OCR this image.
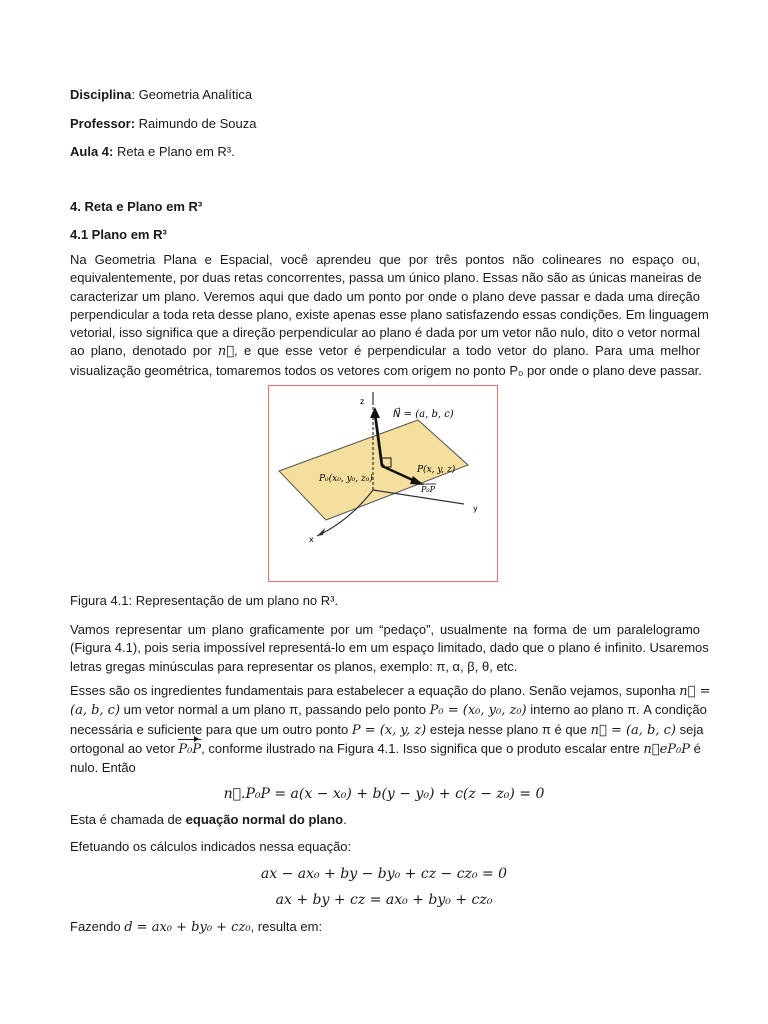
Disciplina: Geometria Analítica

Professor: Raimundo de Souza

Aula 4: Reta e Plano em R³.

4. Reta e Plano em R³

4.1 Plano em R³

Na Geometria Plana e Espacial, você aprendeu que por três pontos não colineares no espaço ou,
equivalentemente, por duas retas concorrentes, passa um único plano. Essas não são as únicas maneiras de
caracterizar um plano. Veremos aqui que dado um ponto por onde o plano deve passar e dada uma direção
perpendicular a toda reta desse plano, existe apenas esse plano satisfazendo essas condições. Em linguagem
vetorial, isso significa que a direção perpendicular ao plano é dada por um vetor não nulo, dito o vetor normal
ao plano, denotado por n⃗, e que esse vetor é perpendicular a todo vetor do plano. Para uma melhor
visualização geométrica, tomaremos todos os vetores com origem no ponto P₀ por onde o plano deve passar.
z
y
x
N⃗ = (a, b, c)
P(x, y, z)
P₀(x₀, y₀, z₀)
P₀P

Figura 4.1: Representação de um plano no R³.

Vamos representar um plano graficamente por um “pedaço”, usualmente na forma de um paralelogramo
(Figura 4.1), pois seria impossível representá-lo em um espaço limitado, dado que o plano é infinito. Usaremos
letras gregas minúsculas para representar os planos, exemplo: π, α, β, θ, etc.
Esses são os ingredientes fundamentais para estabelecer a equação do plano. Senão vejamos, suponha n⃗ =
(a, b, c) um vetor normal a um plano π, passando pelo ponto P₀ = (x₀, y₀, z₀) interno ao plano π. A condição
necessária e suficiente para que um outro ponto P = (x, y, z) esteja nesse plano π é que n⃗ = (a, b, c) seja
ortogonal ao vetor P₀P, conforme ilustrado na Figura 4.1. Isso significa que o produto escalar entre n⃗eP₀P é
nulo. Então

n⃗.P₀P = a(x − x₀) + b(y − y₀) + c(z − z₀) = 0

Esta é chamada de equação normal do plano.

Efetuando os cálculos indicados nessa equação:

ax − ax₀ + by − by₀ + cz − cz₀ = 0

ax + by + cz = ax₀ + by₀ + cz₀

Fazendo d = ax₀ + by₀ + cz₀, resulta em:
